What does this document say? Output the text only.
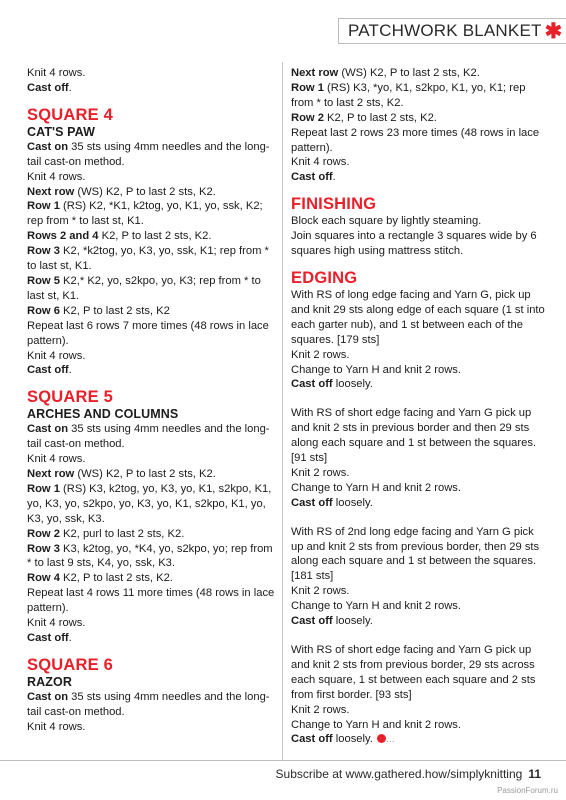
PATCHWORK BLANKET ✱

Knit 4 rows.

Cast off.

SQUARE 4
CAT'S PAW

Cast on 35 sts using 4mm needles and the long-tail cast-on method.

Knit 4 rows.

Next row (WS) K2, P to last 2 sts, K2.

Row 1 (RS) K2, *K1, k2tog, yo, K1, yo, ssk, K2; rep from * to last st, K1.

Rows 2 and 4 K2, P to last 2 sts, K2.

Row 3 K2, *k2tog, yo, K3, yo, ssk, K1; rep from * to last st, K1.

Row 5 K2,* K2, yo, s2kpo, yo, K3; rep from * to last st, K1.

Row 6 K2, P to last 2 sts, K2

Repeat last 6 rows 7 more times (48 rows in lace pattern).

Knit 4 rows.

Cast off.

SQUARE 5
ARCHES AND COLUMNS

Cast on 35 sts using 4mm needles and the long-tail cast-on method.

Knit 4 rows.

Next row (WS) K2, P to last 2 sts, K2.

Row 1 (RS) K3, k2tog, yo, K3, yo, K1, s2kpo, K1, yo, K3, yo, s2kpo, yo, K3, yo, K1, s2kpo, K1, yo, K3, yo, ssk, K3.

Row 2 K2, purl to last 2 sts, K2.

Row 3 K3, k2tog, yo, *K4, yo, s2kpo, yo; rep from * to last 9 sts, K4, yo, ssk, K3.

Row 4 K2, P to last 2 sts, K2.

Repeat last 4 rows 11 more times (48 rows in lace pattern).

Knit 4 rows.

Cast off.

SQUARE 6
RAZOR

Cast on 35 sts using 4mm needles and the long-tail cast-on method.

Knit 4 rows.

Next row (WS) K2, P to last 2 sts, K2.

Row 1 (RS) K3, *yo, K1, s2kpo, K1, yo, K1; rep from * to last 2 sts, K2.

Row 2 K2, P to last 2 sts, K2.

Repeat last 2 rows 23 more times (48 rows in lace pattern).

Knit 4 rows.

Cast off.

FINISHING

Block each square by lightly steaming.

Join squares into a rectangle 3 squares wide by 6 squares high using mattress stitch.

EDGING

With RS of long edge facing and Yarn G, pick up and knit 29 sts along edge of each square (1 st into each garter nub), and 1 st between each of the squares. [179 sts]

Knit 2 rows.

Change to Yarn H and knit 2 rows.

Cast off loosely.

With RS of short edge facing and Yarn G pick up and knit 2 sts in previous border and then 29 sts along each square and 1 st between the squares. [91 sts]

Knit 2 rows.

Change to Yarn H and knit 2 rows.

Cast off loosely.

With RS of 2nd long edge facing and Yarn G pick up and knit 2 sts from previous border, then 29 sts along each square and 1 st between the squares. [181 sts]

Knit 2 rows.

Change to Yarn H and knit 2 rows.

Cast off loosely.

With RS of short edge facing and Yarn G pick up and knit 2 sts from previous border, 29 sts across each square, 1 st between each square and 2 sts from first border. [93 sts]

Knit 2 rows.

Change to Yarn H and knit 2 rows.

Cast off loosely. …

Subscribe at www.gathered.how/simplyknitting 11
PassionForum.ru
